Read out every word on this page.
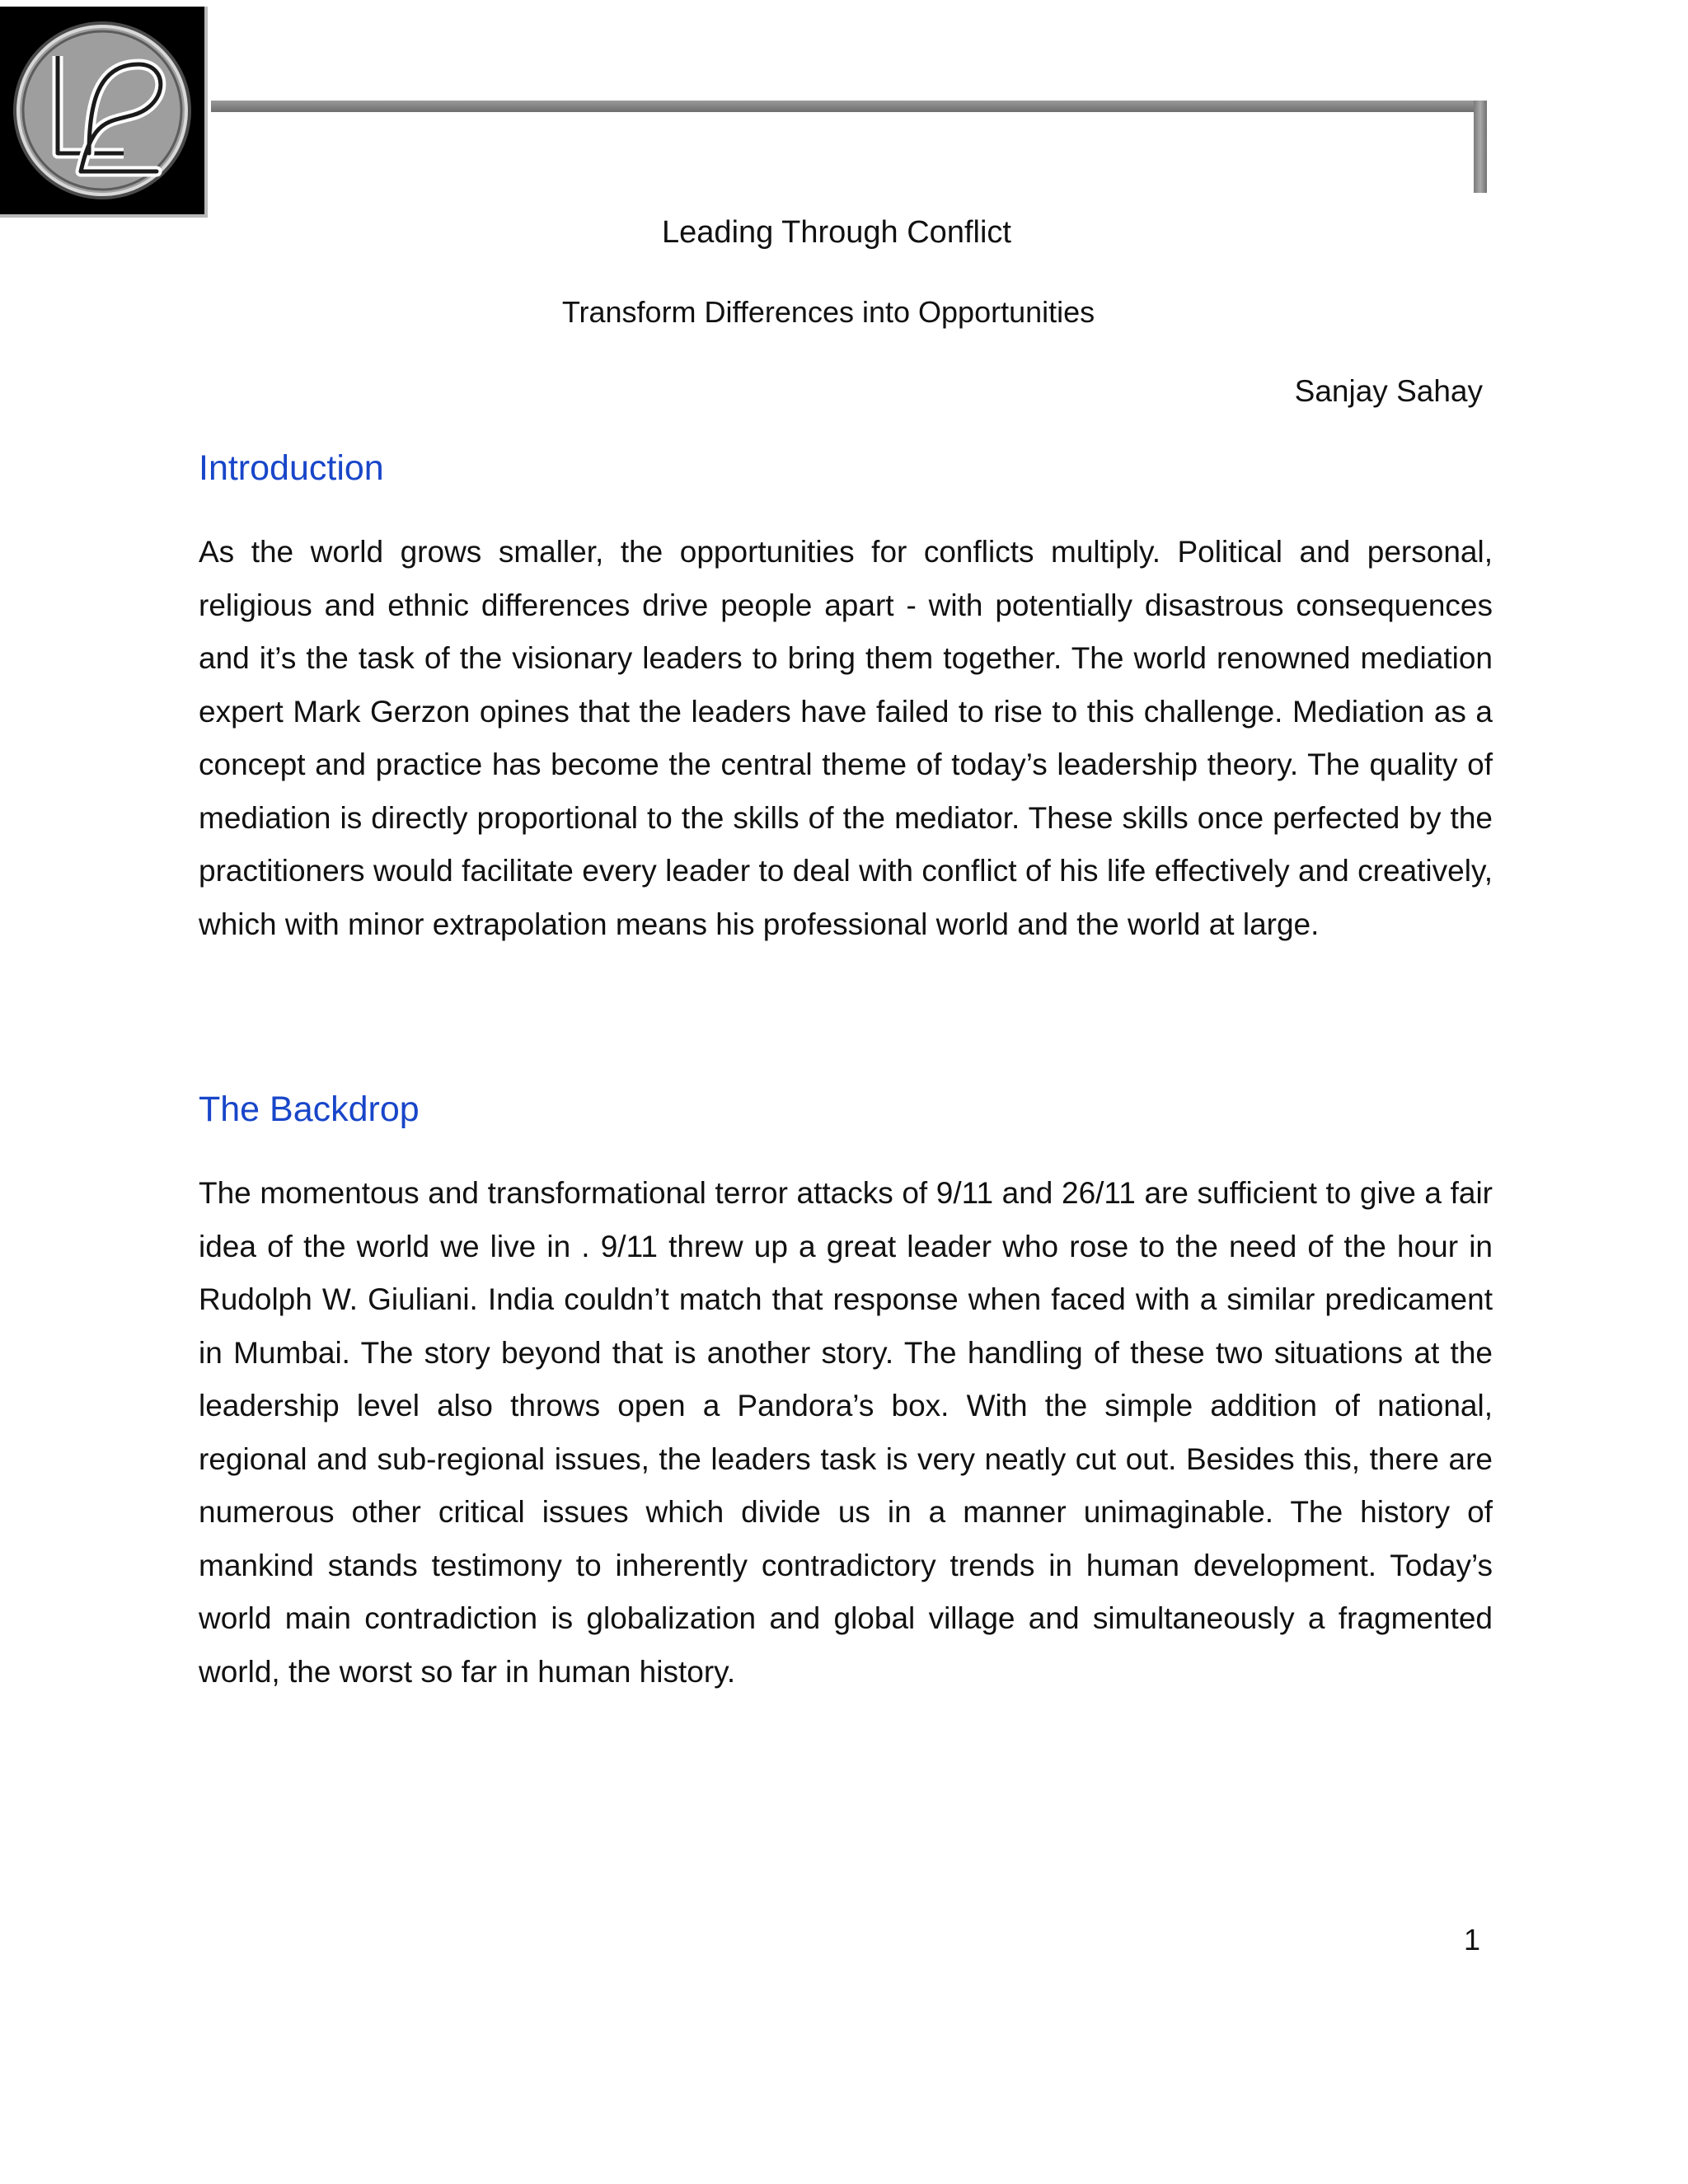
Leading Through Conflict
Transform Differences into Opportunities
Sanjay Sahay
Introduction

As the world grows smaller, the opportunities for conflicts multiply. Political and personal, religious and ethnic differences drive people apart - with potentially disastrous consequences and it’s the task of the visionary leaders to bring them together. The world renowned mediation expert Mark Gerzon opines that the leaders have failed to rise to this challenge. Mediation as a concept and practice has become the central theme of today’s leadership theory. The quality of mediation is directly proportional to the skills of the mediator. These skills once perfected by the practitioners would facilitate every leader to deal with conflict of his life effectively and creatively, which with minor extrapolation means his professional world and the world at large.

The Backdrop

The momentous and transformational terror attacks of 9/11 and 26/11 are sufficient to give a fair idea of the world we live in . 9/11 threw up a great leader who rose to the need of the hour in Rudolph W. Giuliani. India couldn’t match that response when faced with a similar predicament in Mumbai. The story beyond that is another story. The handling of these two situations at the leadership level also throws open a Pandora’s box. With the simple addition of national, regional and sub-regional issues, the leaders task is very neatly cut out. Besides this, there are numerous other critical issues which divide us in a manner unimaginable. The history of mankind stands testimony to inherently contradictory trends in human development. Today’s world main contradiction is globalization and global village and simultaneously a fragmented world, the worst so far in human history.

1
